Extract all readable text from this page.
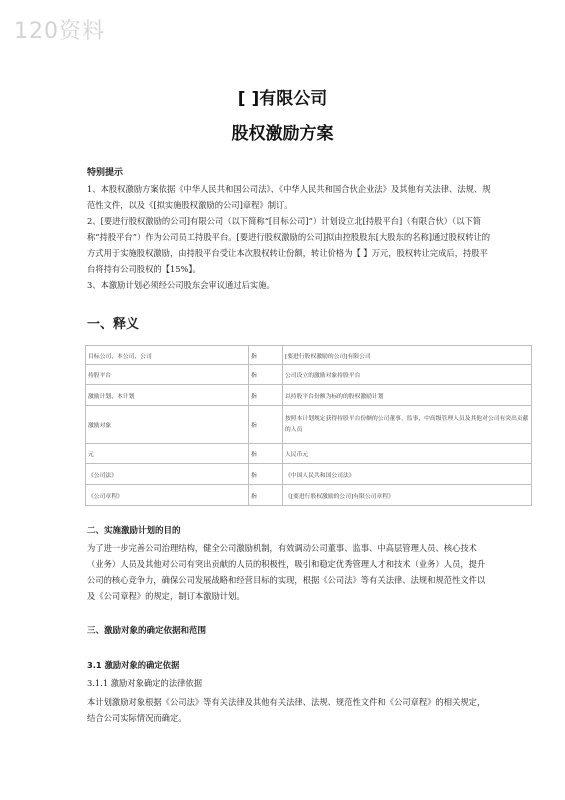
120资料
[ ]有限公司
股权激励方案
特别提示
1、本股权激励方案依据《中华人民共和国公司法》、《中华人民共和国合伙企业法》及其他有关法律、法规、规范性文件，以及《[拟实施股权激励的公司]章程》制订。
2、[要进行股权激励的公司]有限公司（以下简称“[目标公司]”）计划设立北[持股平台]（有限合伙）（以下简称“持股平台”）作为公司员工持股平台。[要进行股权激励的公司]拟由控股股东[大股东的名称]通过股权转让的方式用于实施股权激励，由持股平台受让本次股权转让份额，转让价格为【 】万元，股权转让完成后，持股平台将持有公司股权的【15%】。
3、本激励计划必须经公司股东会审议通过后实施。
一、释义
目标公司、本公司、公司	指	[要进行股权激励的公司]有限公司
持股平台	指	公司设立的激励对象持股平台
激励计划、本计划	指	以持股平台份额为标的的股权激励计划
激励对象	指	按照本计划规定获得持股平台份额的公司董事、监事、中高级管理人员及其他对公司有突出贡献的人员
元	指	人民币元
《公司法》	指	《中国人民共和国公司法》
《公司章程》	指	《[要进行股权激励的公司]有限公司章程》
二、实施激励计划的目的
为了进一步完善公司治理结构，健全公司激励机制，有效调动公司董事、监事、中高层管理人员、核心技术（业务）人员及其他对公司有突出贡献的人员的积极性，吸引和稳定优秀管理人才和技术（业务）人员，提升公司的核心竞争力，确保公司发展战略和经营目标的实现，根据《公司法》等有关法律、法规和规范性文件以及《公司章程》的规定，制订本激励计划。
三、激励对象的确定依据和范围
3.1 激励对象的确定依据
3.1.1 激励对象确定的法律依据
本计划激励对象根据《公司法》等有关法律及其他有关法律、法规、规范性文件和《公司章程》的相关规定，结合公司实际情况而确定。
